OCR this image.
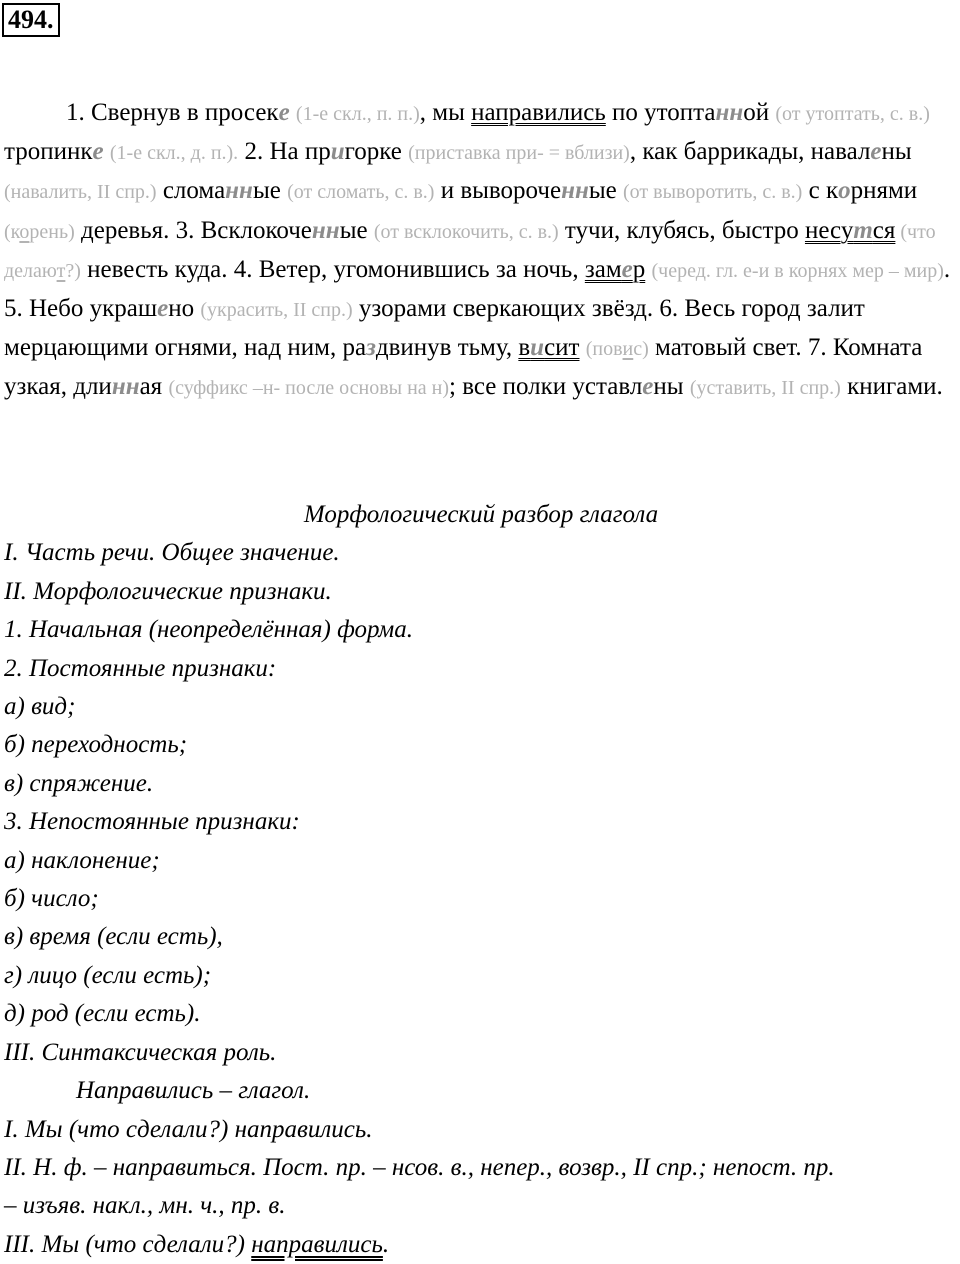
494.

1. Свернув в просеке (1-е скл., п. п.), мы направились по утоптанной (от утоптать, с. в.) тропинке (1-е скл., д. п.). 2. На пригорке (приставка при- = вблизи), как баррикады, навалены (навалить, II спр.) сломанные (от сломать, с. в.) и вывороченные (от выворотить, с. в.) с корнями (корень) деревья. 3. Всклокоченные (от всклокочить, с. в.) тучи, клубясь, быстро несутся (что делают?) невесть куда. 4. Ветер, угомонившись за ночь, замер (черед. гл. е-и в корнях мер – мир). 5. Небо украшено (украсить, II спр.) узорами сверкающих звёзд. 6. Весь город залит мерцающими огнями, над ним, раздвинув тьму, висит (повис) матовый свет. 7. Комната узкая, длинная (суффикс –н- после основы на н); все полки уставлены (уставить, II спр.) книгами.

Морфологический разбор глагола
I. Часть речи. Общее значение.
II. Морфологические признаки.
1. Начальная (неопределённая) форма.
2. Постоянные признаки:
а) вид;
б) переходность;
в) спряжение.
3. Непостоянные признаки:
а) наклонение;
б) число;
в) время (если есть),
г) лицо (если есть);
д) род (если есть).
III. Синтаксическая роль.
Направились – глагол.
I. Мы (что сделали?) направились.
II. Н. ф. – направиться. Пост. пр. – нсов. в., непер., возвр., II спр.; непост. пр.
– изъяв. накл., мн. ч., пр. в.
III. Мы (что сделали?) направились.
